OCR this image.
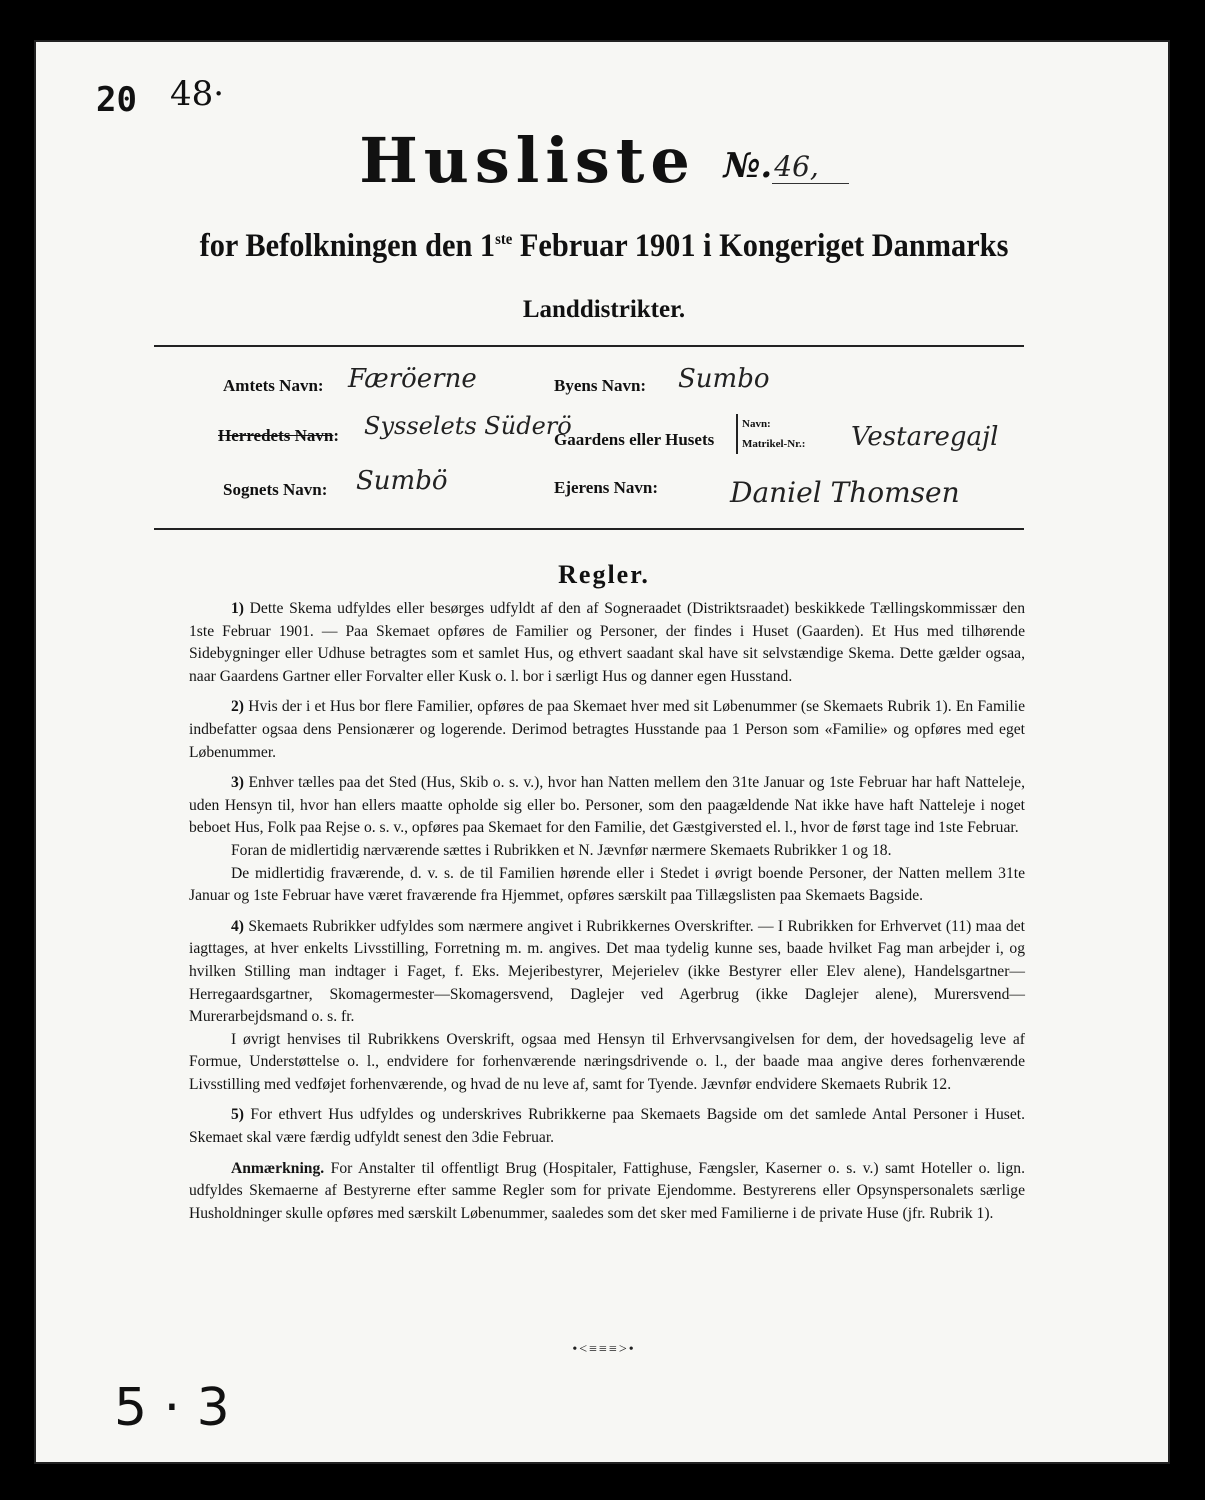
20 48·
Husliste №.46,
for Befolkningen den 1ste Februar 1901 i Kongeriget Danmarks
Landdistrikter.
Amtets Navn: Færöerne
Herredets Navn: Sysselets Süderö
Sognets Navn: Sumbö
Byens Navn: Sumbo
Gaardens eller Husets
Navn:
Matrikel-Nr.: Vestaregajl
Ejerens Navn:	Daniel Thomsen
Regler.

1) Dette Skema udfyldes eller besørges udfyldt af den af Sogneraadet (Distriktsraadet) beskikkede Tællingskommissær den 1ste Februar 1901. — Paa Skemaet opføres de Familier og Personer, der findes i Huset (Gaarden). Et Hus med tilhørende Sidebygninger eller Udhuse betragtes som et samlet Hus, og ethvert saadant skal have sit selvstændige Skema. Dette gælder ogsaa, naar Gaardens Gartner eller Forvalter eller Kusk o. l. bor i særligt Hus og danner egen Husstand.

2) Hvis der i et Hus bor flere Familier, opføres de paa Skemaet hver med sit Løbenummer (se Skemaets Rubrik 1). En Familie indbefatter ogsaa dens Pensionærer og logerende. Derimod betragtes Husstande paa 1 Person som «Familie» og opføres med eget Løbenummer.

3) Enhver tælles paa det Sted (Hus, Skib o. s. v.), hvor han Natten mellem den 31te Januar og 1ste Februar har haft Natteleje, uden Hensyn til, hvor han ellers maatte opholde sig eller bo. Personer, som den paagældende Nat ikke have haft Natteleje i noget beboet Hus, Folk paa Rejse o. s. v., opføres paa Skemaet for den Familie, det Gæstgiversted el. l., hvor de først tage ind 1ste Februar.

Foran de midlertidig nærværende sættes i Rubrikken et N. Jævnfør nærmere Skemaets Rubrikker 1 og 18.

De midlertidig fraværende, d. v. s. de til Familien hørende eller i Stedet i øvrigt boende Personer, der Natten mellem 31te Januar og 1ste Februar have været fraværende fra Hjemmet, opføres særskilt paa Tillægslisten paa Skemaets Bagside.

4) Skemaets Rubrikker udfyldes som nærmere angivet i Rubrikkernes Overskrifter. — I Rubrikken for Erhvervet (11) maa det iagttages, at hver enkelts Livsstilling, Forretning m. m. angives. Det maa tydelig kunne ses, baade hvilket Fag man arbejder i, og hvilken Stilling man indtager i Faget, f. Eks. Mejeribestyrer, Mejerielev (ikke Bestyrer eller Elev alene), Handelsgartner—Herregaardsgartner, Skomagermester—Skomagersvend, Daglejer ved Agerbrug (ikke Daglejer alene), Murersvend—Murerarbejdsmand o. s. fr.

I øvrigt henvises til Rubrikkens Overskrift, ogsaa med Hensyn til Erhvervsangivelsen for dem, der hovedsagelig leve af Formue, Understøttelse o. l., endvidere for forhenværende næringsdrivende o. l., der baade maa angive deres forhenværende Livsstilling med vedføjet forhenværende, og hvad de nu leve af, samt for Tyende. Jævnfør endvidere Skemaets Rubrik 12.

5) For ethvert Hus udfyldes og underskrives Rubrikkerne paa Skemaets Bagside om det samlede Antal Personer i Huset. Skemaet skal være færdig udfyldt senest den 3die Februar.

Anmærkning. For Anstalter til offentligt Brug (Hospitaler, Fattighuse, Fængsler, Kaserner o. s. v.) samt Hoteller o. lign. udfyldes Skemaerne af Bestyrerne efter samme Regler som for private Ejendomme. Bestyrerens eller Opsynspersonalets særlige Husholdninger skulle opføres med særskilt Løbenummer, saaledes som det sker med Familierne i de private Huse (jfr. Rubrik 1).

•<≡≡≡>•
5 · 3
